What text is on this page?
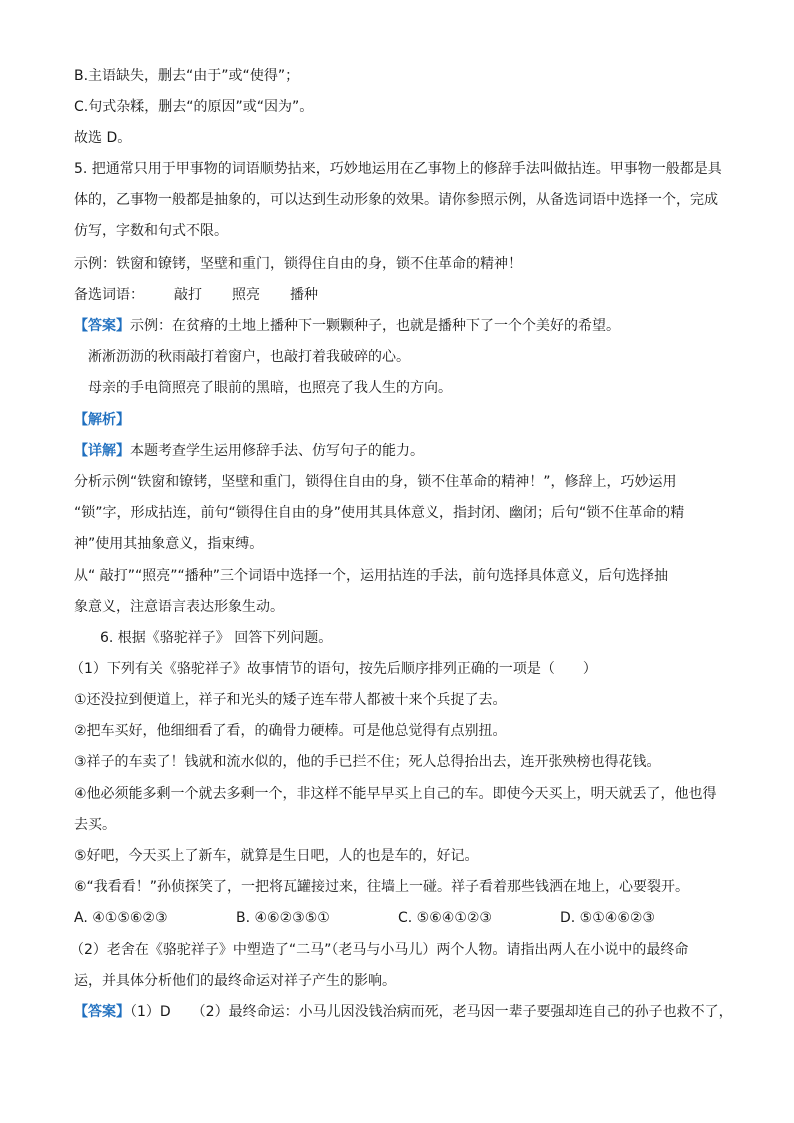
B.主语缺失，删去“由于”或“使得”；
C.句式杂糅，删去“的原因”或“因为”。
故选 D。
5. 把通常只用于甲事物的词语顺势拈来，巧妙地运用在乙事物上的修辞手法叫做拈连。甲事物一般都是具
体的，乙事物一般都是抽象的，可以达到生动形象的效果。请你参照示例，从备选词语中选择一个，完成
仿写，字数和句式不限。
示例：铁窗和镣铐，坚壁和重门，锁得住自由的身，锁不住革命的精神！
备选词语： 敲打 照亮 播种
【答案】示例：在贫瘠的土地上播种下一颗颗种子，也就是播种下了一个个美好的希望。
淅淅沥沥的秋雨敲打着窗户，也敲打着我破碎的心。
母亲的手电筒照亮了眼前的黑暗，也照亮了我人生的方向。
【解析】
【详解】本题考查学生运用修辞手法、仿写句子的能力。
分析示例“铁窗和镣铐，坚壁和重门，锁得住自由的身，锁不住革命的精神！”，修辞上，巧妙运用
“锁”字，形成拈连，前句“锁得住自由的身”使用其具体意义，指封闭、幽闭；后句“锁不住革命的精
神”使用其抽象意义，指束缚。
从“ 敲打”“照亮”“播种”三个词语中选择一个，运用拈连的手法，前句选择具体意义，后句选择抽
象意义，注意语言表达形象生动。
6. 根据《骆驼祥子》 回答下列问题。
（1）下列有关《骆驼祥子》故事情节的语句，按先后顺序排列正确的一项是（　　）
①还没拉到便道上，祥子和光头的矮子连车带人都被十来个兵捉了去。
②把车买好，他细细看了看，的确骨力硬棒。可是他总觉得有点别扭。
③祥子的车卖了！钱就和流水似的，他的手已拦不住；死人总得抬出去，连开张殃榜也得花钱。
④他必须能多剩一个就去多剩一个，非这样不能早早买上自己的车。即使今天买上，明天就丢了，他也得
去买。
⑤好吧，今天买上了新车，就算是生日吧，人的也是车的，好记。
⑥“我看看！”孙侦探笑了，一把将瓦罐接过来，往墙上一碰。祥子看着那些钱洒在地上，心要裂开。
A. ④①⑤⑥②③	B. ④⑥②③⑤①	C. ⑤⑥④①②③	D. ⑤①④⑥②③
（2）老舍在《骆驼祥子》中塑造了“二马”（老马与小马儿）两个人物。请指出两人在小说中的最终命
运，并具体分析他们的最终命运对祥子产生的影响。
【答案】（1）D　　（2）最终命运：小马儿因没钱治病而死，老马因一辈子要强却连自己的孙子也救不了，
